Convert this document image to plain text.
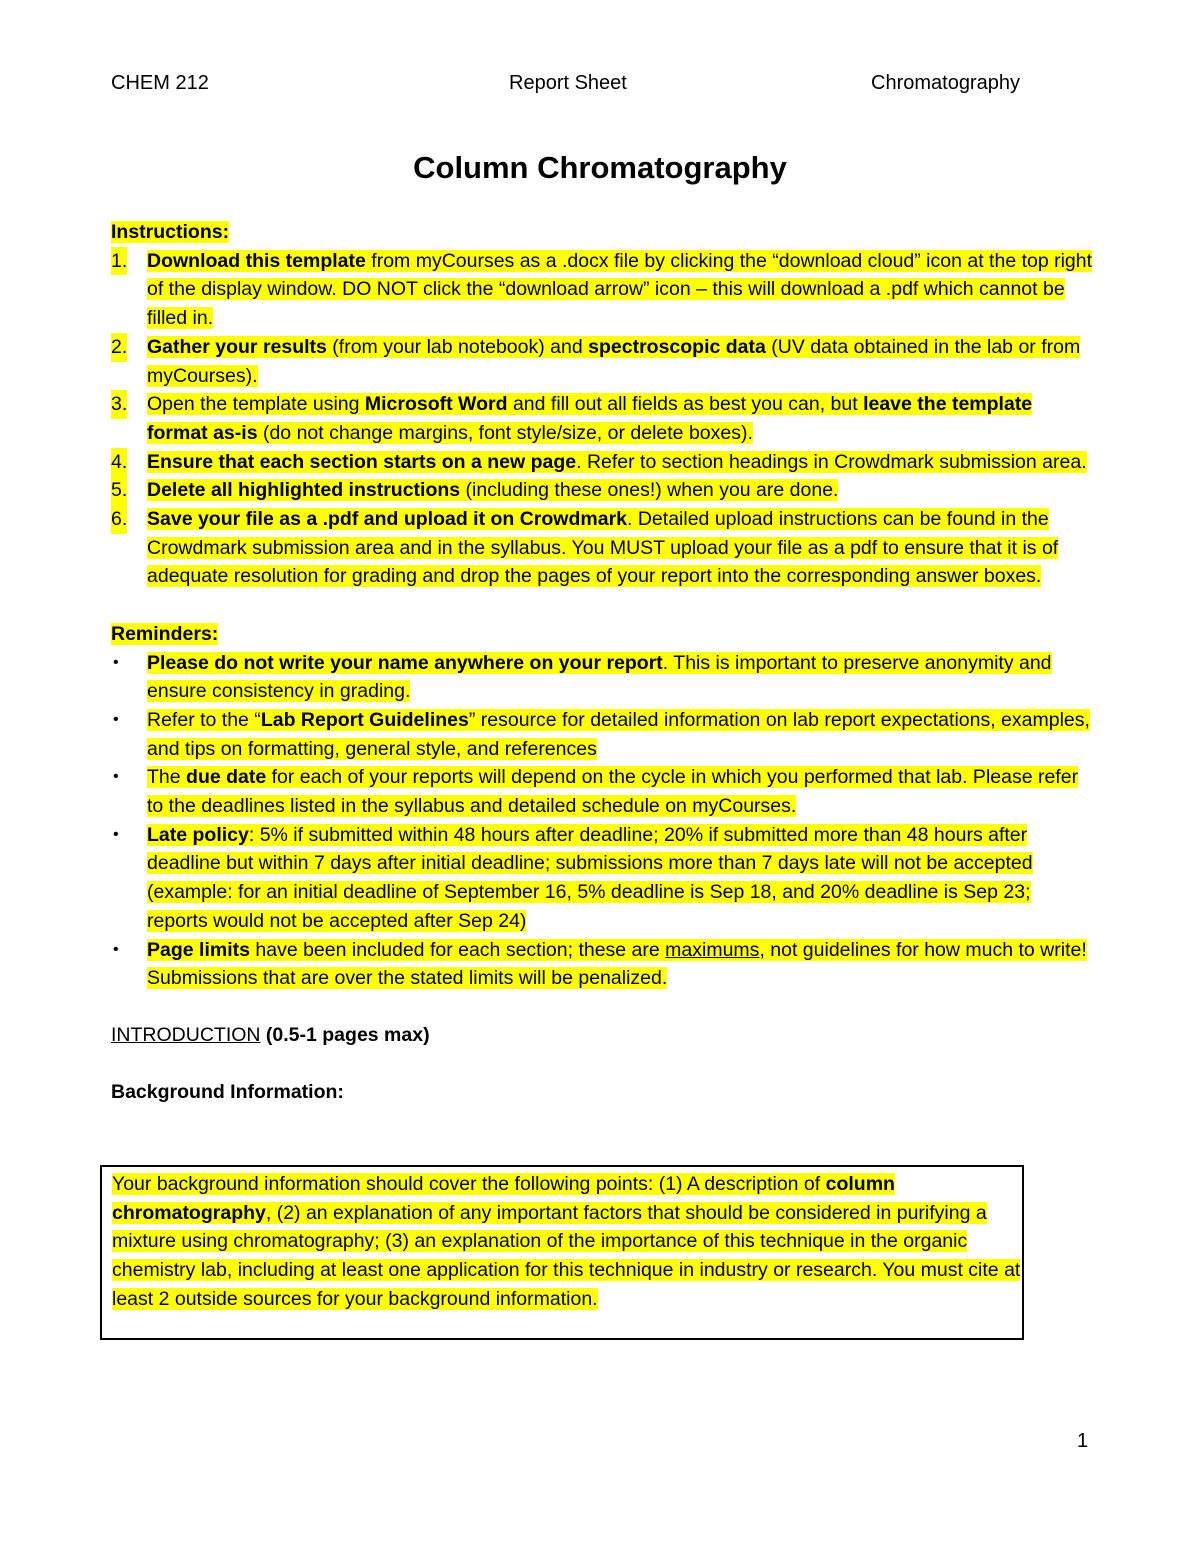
CHEM 212	Report Sheet	Chromatography
Column Chromatography
Instructions:
1. Download this template from myCourses as a .docx file by clicking the “download cloud” icon at the top right of the display window. DO NOT click the “download arrow” icon – this will download a .pdf which cannot be filled in.
2. Gather your results (from your lab notebook) and spectroscopic data (UV data obtained in the lab or from myCourses).
3. Open the template using Microsoft Word and fill out all fields as best you can, but leave the template format as-is (do not change margins, font style/size, or delete boxes).
4. Ensure that each section starts on a new page. Refer to section headings in Crowdmark submission area.
5. Delete all highlighted instructions (including these ones!) when you are done.
6. Save your file as a .pdf and upload it on Crowdmark. Detailed upload instructions can be found in the Crowdmark submission area and in the syllabus. You MUST upload your file as a pdf to ensure that it is of adequate resolution for grading and drop the pages of your report into the corresponding answer boxes.
Reminders:
• Please do not write your name anywhere on your report. This is important to preserve anonymity and ensure consistency in grading.
• Refer to the “Lab Report Guidelines” resource for detailed information on lab report expectations, examples, and tips on formatting, general style, and references
• The due date for each of your reports will depend on the cycle in which you performed that lab. Please refer to the deadlines listed in the syllabus and detailed schedule on myCourses.
• Late policy: 5% if submitted within 48 hours after deadline; 20% if submitted more than 48 hours after deadline but within 7 days after initial deadline; submissions more than 7 days late will not be accepted (example: for an initial deadline of September 16, 5% deadline is Sep 18, and 20% deadline is Sep 23; reports would not be accepted after Sep 24)
• Page limits have been included for each section; these are maximums, not guidelines for how much to write! Submissions that are over the stated limits will be penalized.
INTRODUCTION (0.5-1 pages max)
Background Information:
Your background information should cover the following points: (1) A description of column chromatography, (2) an explanation of any important factors that should be considered in purifying a mixture using chromatography; (3) an explanation of the importance of this technique in the organic chemistry lab, including at least one application for this technique in industry or research. You must cite at least 2 outside sources for your background information.
1
